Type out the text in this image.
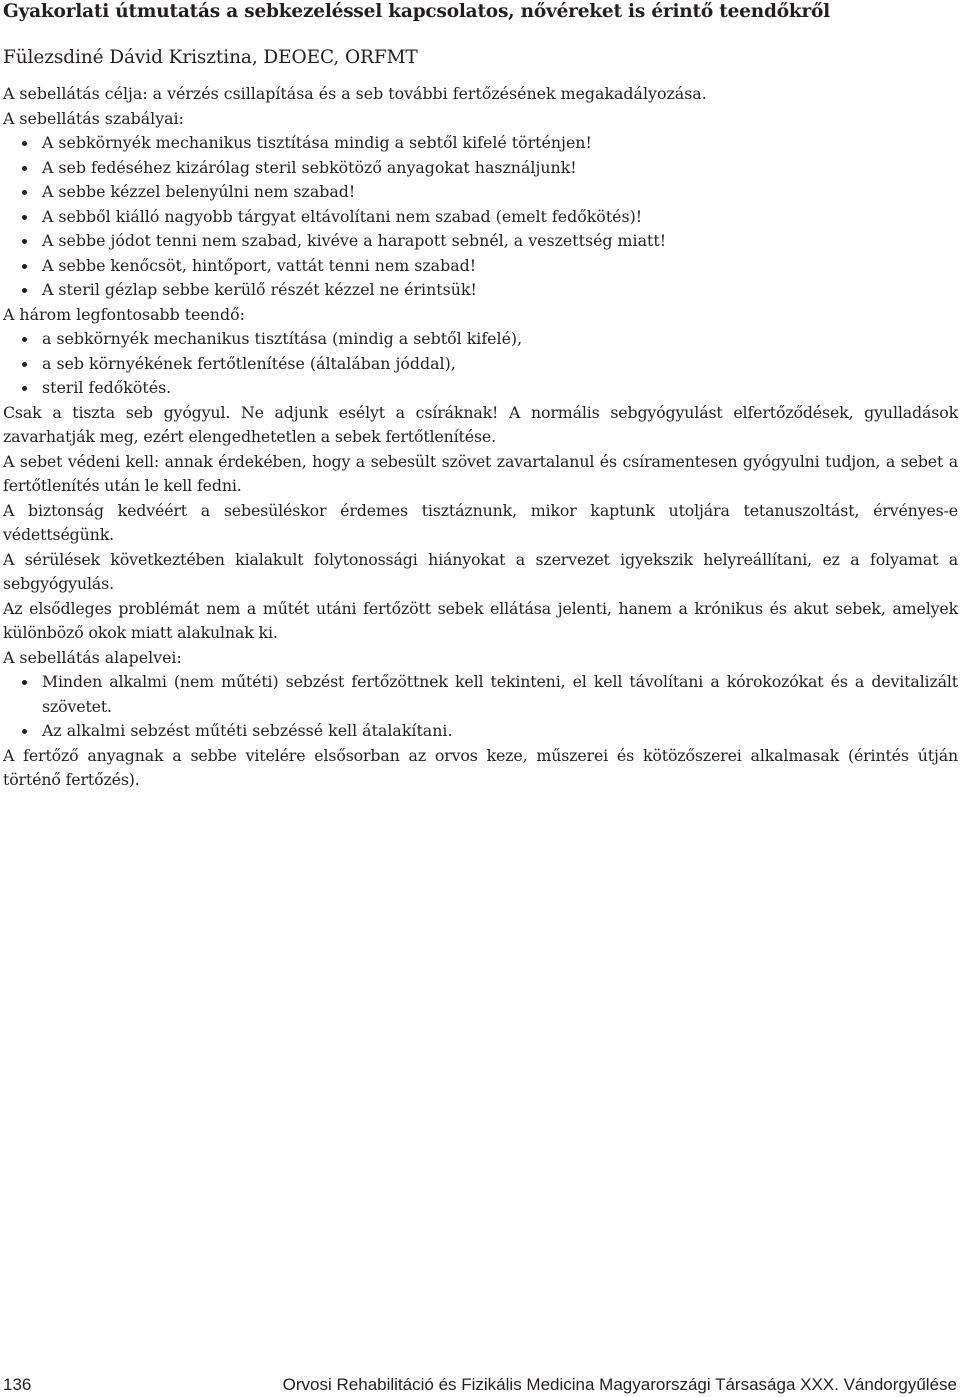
Gyakorlati útmutatás a sebkezeléssel kapcsolatos, nővéreket is érintő teendőkről

Fülezsdiné Dávid Krisztina, DEOEC, ORFMT

A sebellátás célja: a vérzés csillapítása és a seb további fertőzésének megakadályozása.

A sebellátás szabályai:

A sebkörnyék mechanikus tisztítása mindig a sebtől kifelé történjen!
A seb fedéséhez kizárólag steril sebkötöző anyagokat használjunk!
A sebbe kézzel belenyúlni nem szabad!
A sebből kiálló nagyobb tárgyat eltávolítani nem szabad (emelt fedőkötés)!
A sebbe jódot tenni nem szabad, kivéve a harapott sebnél, a veszettség miatt!
A sebbe kenőcsöt, hintőport, vattát tenni nem szabad!
A steril gézlap sebbe kerülő részét kézzel ne érintsük!

A három legfontosabb teendő:

a sebkörnyék mechanikus tisztítása (mindig a sebtől kifelé),
a seb környékének fertőtlenítése (általában jóddal),
steril fedőkötés.

Csak a tiszta seb gyógyul. Ne adjunk esélyt a csíráknak! A normális sebgyógyulást elfertőződések, gyulladások zavarhatják meg, ezért elengedhetetlen a sebek fertőtlenítése.

A sebet védeni kell: annak érdekében, hogy a sebesült szövet zavartalanul és csíramentesen gyógyulni tudjon, a sebet a fertőtlenítés után le kell fedni.

A biztonság kedvéért a sebesüléskor érdemes tisztáznunk, mikor kaptunk utoljára tetanuszoltást, érvényes-e védettségünk.

A sérülések következtében kialakult folytonossági hiányokat a szervezet igyekszik helyreállítani, ez a folyamat a sebgyógyulás.

Az elsődleges problémát nem a műtét utáni fertőzött sebek ellátása jelenti, hanem a krónikus és akut sebek, amelyek különböző okok miatt alakulnak ki.

A sebellátás alapelvei:

Minden alkalmi (nem műtéti) sebzést fertőzöttnek kell tekinteni, el kell távolítani a kórokozókat és a devitalizált szövetet.
Az alkalmi sebzést műtéti sebzéssé kell átalakítani.

A fertőző anyagnak a sebbe vitelére elsősorban az orvos keze, műszerei és kötözőszerei alkalmasak (érintés útján történő fertőzés).

136	Orvosi Rehabilitáció és Fizikális Medicina Magyarországi Társasága XXX. Vándorgyűlése
